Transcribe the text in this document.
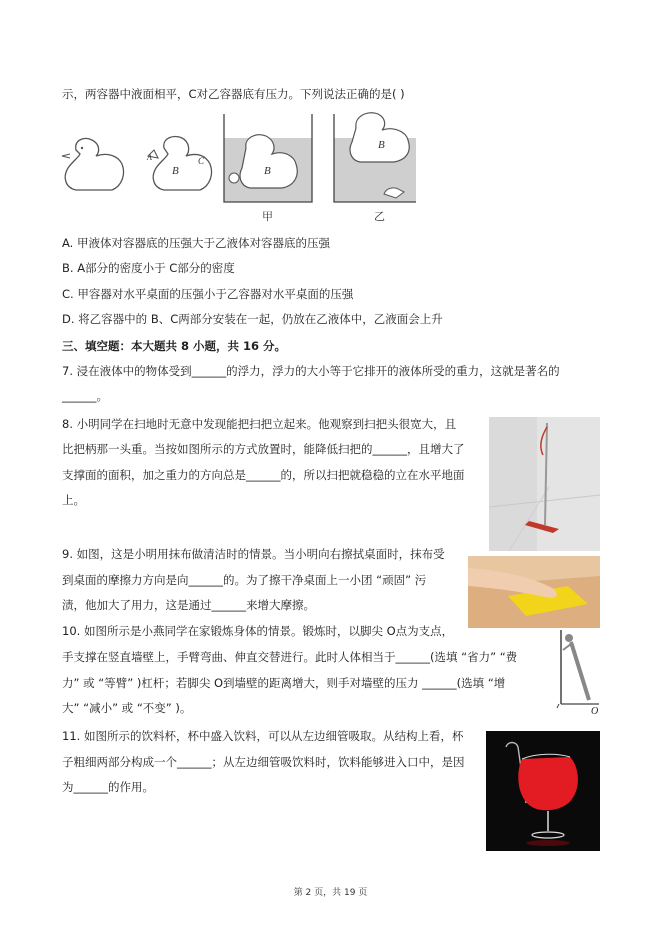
示，两容器中液面相平，C对乙容器底有压力。下列说法正确的是( )
B
A	C
B
B
甲	乙
A. 甲液体对容器底的压强大于乙液体对容器底的压强
B. A部分的密度小于 C部分的密度
C. 甲容器对水平桌面的压强小于乙容器对水平桌面的压强
D. 将乙容器中的 B、C两部分安装在一起，仍放在乙液体中，乙液面会上升
三、填空题：本大题共 8 小题，共 16 分。
7. 浸在液体中的物体受到______的浮力，浮力的大小等于它排开的液体所受的重力，这就是著名的
______。
8. 小明同学在扫地时无意中发现能把扫把立起来。他观察到扫把头很宽大，且
比把柄那一头重。当按如图所示的方式放置时，能降低扫把的______，且增大了
支撑面的面积，加之重力的方向总是______的，所以扫把就稳稳的立在水平地面
上。
9. 如图，这是小明用抹布做清洁时的情景。当小明向右擦拭桌面时，抹布受
到桌面的摩擦力方向是向______的。为了擦干净桌面上一小团 “顽固” 污
渍，他加大了用力，这是通过______来增大摩擦。
10. 如图所示是小燕同学在家锻炼身体的情景。锻炼时，以脚尖 O点为支点，
手支撑在竖直墙壁上，手臂弯曲、伸直交替进行。此时人体相当于______(选填 “省力” “费
力” 或 “等臂” )杠杆；若脚尖 O到墙壁的距离增大，则手对墙壁的压力 ______(选填 “增
大” “减小” 或 “不变” )。	O
11. 如图所示的饮料杯，杯中盛入饮料，可以从左边细管吸取。从结构上看，杯
子粗细两部分构成一个______；从左边细管吸饮料时，饮料能够进入口中，是因
为______的作用。
第 2 页，共 19 页
